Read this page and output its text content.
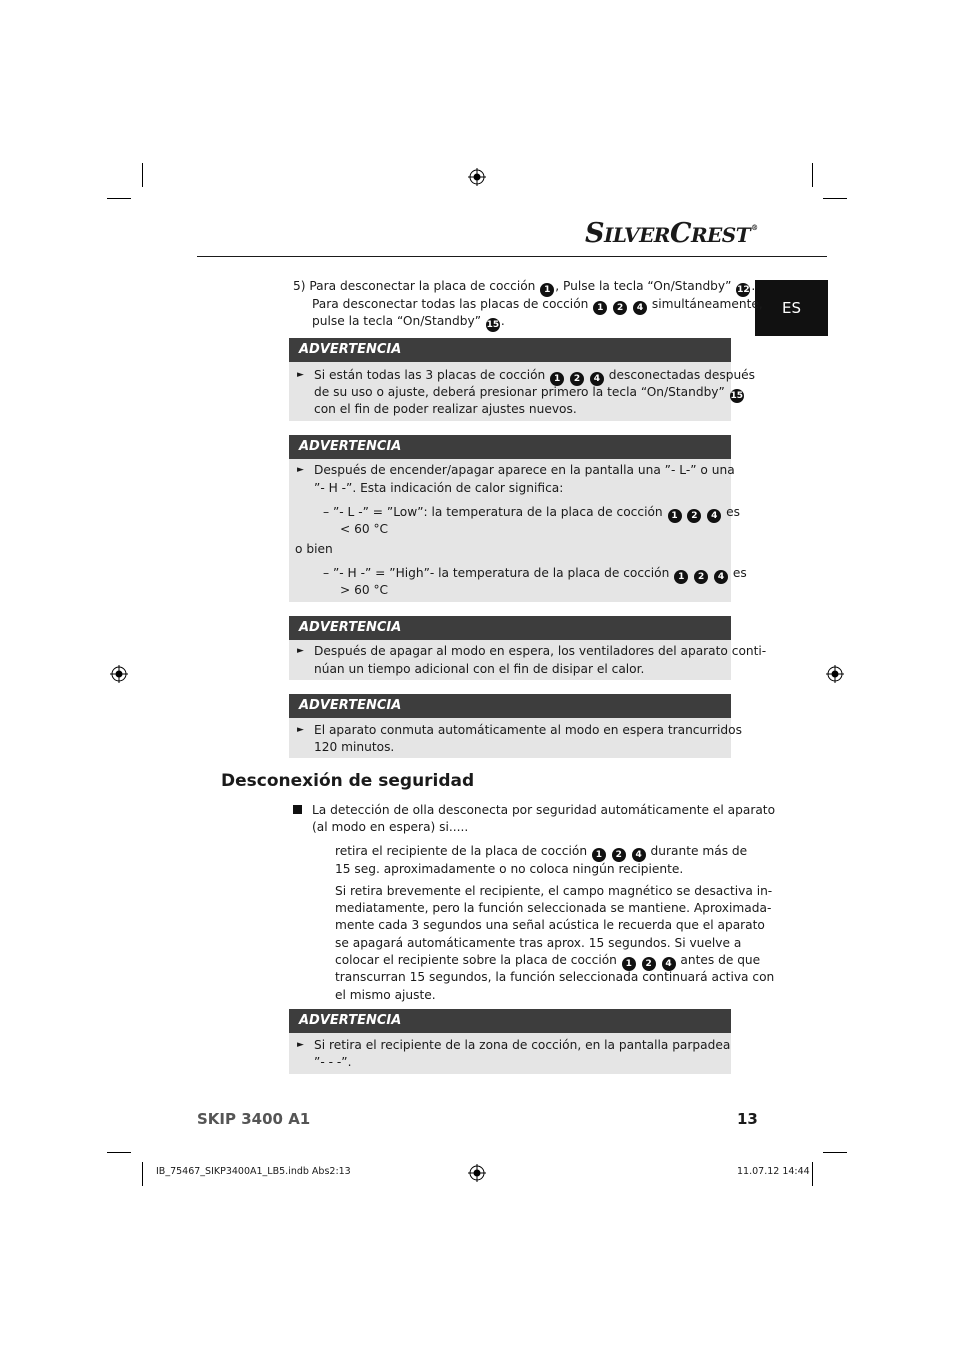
SILVERCREST®
ES
5) Para desconectar la placa de cocción 1 , Pulse la tecla “On/Standby” 12 .
Para desconectar todas las placas de cocción 1 2 4 simultáneamente,
pulse la tecla “On/Standby” 15 .
ADVERTENCIA
► Si están todas las 3 placas de cocción 1 2 4 desconectadas después
de su uso o ajuste, deberá presionar primero la tecla “On/Standby” 15
con el fin de poder realizar ajustes nuevos.
ADVERTENCIA
► Después de encender/apagar aparece en la pantalla una ”- L-” o una
”- H -”. Esta indicación de calor significa:
– ”- L -” = ”Low”: la temperatura de la placa de cocción 1 2 4 es
< 60 °C
o bien
– ”- H -” = ”High”- la temperatura de la placa de cocción 1 2 4 es
> 60 °C
ADVERTENCIA
► Después de apagar al modo en espera, los ventiladores del aparato conti-
núan un tiempo adicional con el fin de disipar el calor.
ADVERTENCIA
► El aparato conmuta automáticamente al modo en espera trancurridos
120 minutos.
Desconexión de seguridad
La detección de olla desconecta por seguridad automáticamente el aparato
(al modo en espera) si.....
retira el recipiente de la placa de cocción 1 2 4 durante más de
15 seg. aproximadamente o no coloca ningún recipiente.
Si retira brevemente el recipiente, el campo magnético se desactiva in-
mediatamente, pero la función seleccionada se mantiene. Aproximada-
mente cada 3 segundos una señal acústica le recuerda que el aparato
se apagará automáticamente tras aprox. 15 segundos. Si vuelve a
colocar el recipiente sobre la placa de cocción 1 2 4 antes de que
transcurran 15 segundos, la función seleccionada continuará activa con
el mismo ajuste.
ADVERTENCIA
► Si retira el recipiente de la zona de cocción, en la pantalla parpadea
”- - -”.
SKIP 3400 A1	13
IB_75467_SIKP3400A1_LB5.indb Abs2:13	11.07.12 14:44
